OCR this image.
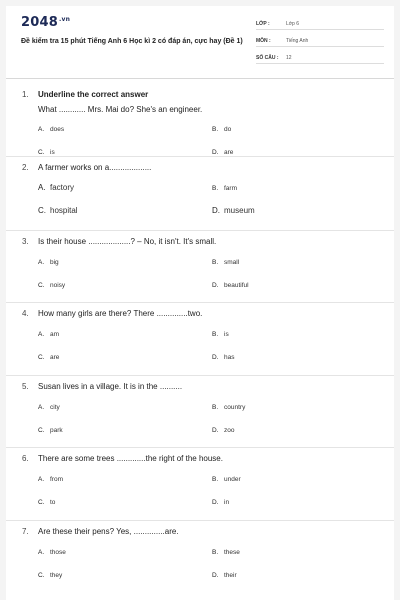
$2048^{.vn}$
Đề kiểm tra 15 phút Tiếng Anh 6 Học kì 2 có đáp án, cực hay (Đề 1)
LỚP :	Lớp 6
MÔN :	Tiếng Anh
SỐ CÂU :	12
1.	Underline the correct answer
What ............ Mrs. Mai do? She's an engineer.
A. does	B. do
C. is	D. are
2.	A farmer works on a...................
A. factory	B. farm
C. hospital	D. museum
3.	Is their house ...................? – No, it isn't. It's small.
A. big	B. small
C. noisy	D. beautiful
4.	How many girls are there? There ..............two.
A. am	B. is
C. are	D. has
5.	Susan lives in a village. It is in the ..........
A. city	B. country
C. park	D. zoo
6.	There are some trees .............the right of the house.
A. from	B. under
C. to	D. in
7.	Are these their pens? Yes, ..............are.
A. those	B. these
C. they	D. their
